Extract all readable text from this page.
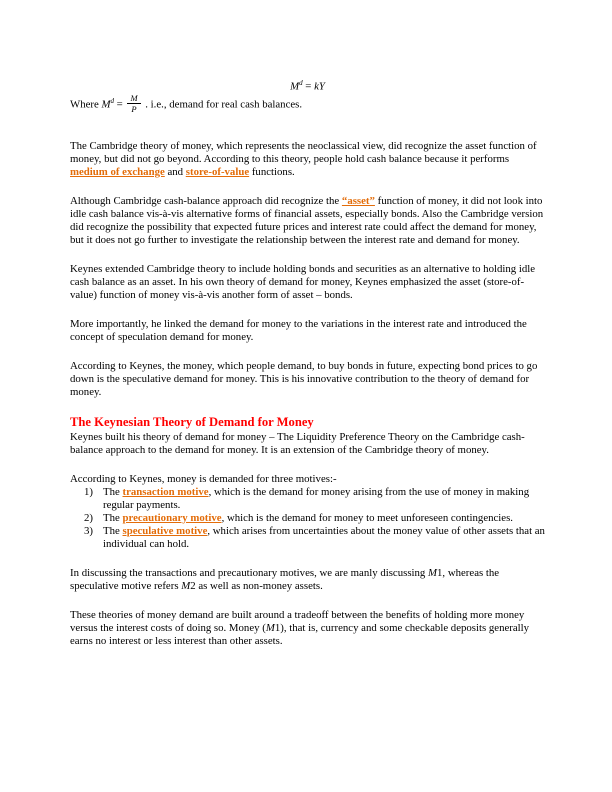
$M^d$ = kY
Where $M^d = \frac{M}{P}$ . i.e., demand for real cash balances.
The Cambridge theory of money, which represents the neoclassical view, did recognize the asset function of money, but did not go beyond. According to this theory, people hold cash balance because it performs medium of exchange and store-of-value functions.
Although Cambridge cash-balance approach did recognize the “asset” function of money, it did not look into idle cash balance vis-à-vis alternative forms of financial assets, especially bonds. Also the Cambridge version did recognize the possibility that expected future prices and interest rate could affect the demand for money, but it does not go further to investigate the relationship between the interest rate and demand for money.
Keynes extended Cambridge theory to include holding bonds and securities as an alternative to holding idle cash balance as an asset. In his own theory of demand for money, Keynes emphasized the asset (store-of-value) function of money vis-à-vis another form of asset – bonds.
More importantly, he linked the demand for money to the variations in the interest rate and introduced the concept of speculation demand for money.
According to Keynes, the money, which people demand, to buy bonds in future, expecting bond prices to go down is the speculative demand for money. This is his innovative contribution to the theory of demand for money.
The Keynesian Theory of Demand for Money
Keynes built his theory of demand for money – The Liquidity Preference Theory on the Cambridge cash-balance approach to the demand for money. It is an extension of the Cambridge theory of money.
According to Keynes, money is demanded for three motives:-
1) The transaction motive, which is the demand for money arising from the use of money in making regular payments.
2) The precautionary motive, which is the demand for money to meet unforeseen contingencies.
3) The speculative motive, which arises from uncertainties about the money value of other assets that an individual can hold.
In discussing the transactions and precautionary motives, we are manly discussing M1, whereas the speculative motive refers M2 as well as non-money assets.
These theories of money demand are built around a tradeoff between the benefits of holding more money versus the interest costs of doing so. Money (M1), that is, currency and some checkable deposits generally earns no interest or less interest than other assets.
